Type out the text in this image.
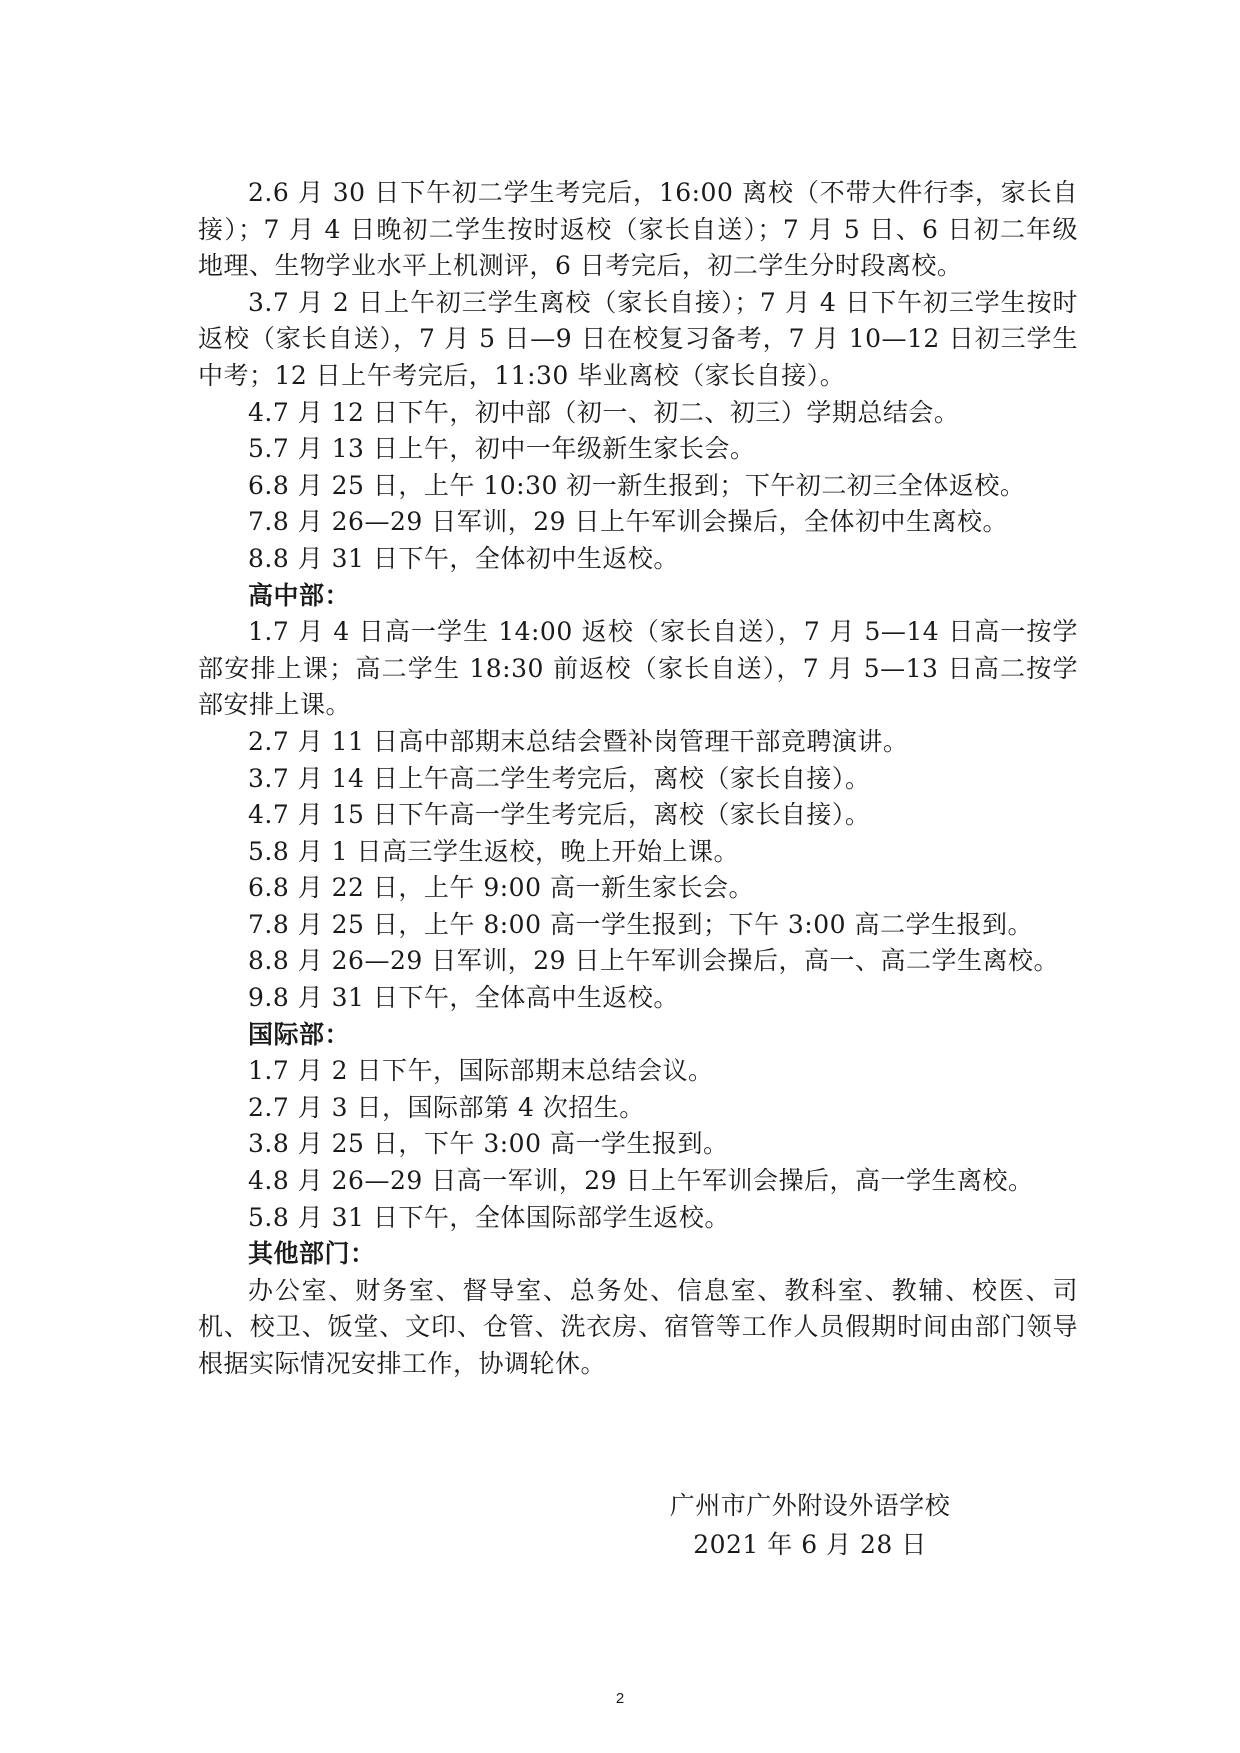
2.6 月 30 日下午初二学生考完后，16:00 离校（不带大件行李，家长自接）；7 月 4 日晚初二学生按时返校（家长自送）；7 月 5 日、6 日初二年级地理、生物学业水平上机测评，6 日考完后，初二学生分时段离校。

3.7 月 2 日上午初三学生离校（家长自接）；7 月 4 日下午初三学生按时返校（家长自送），7 月 5 日—9 日在校复习备考，7 月 10—12 日初三学生中考；12 日上午考完后，11:30 毕业离校（家长自接）。

4.7 月 12 日下午，初中部（初一、初二、初三）学期总结会。

5.7 月 13 日上午，初中一年级新生家长会。

6.8 月 25 日，上午 10:30 初一新生报到；下午初二初三全体返校。

7.8 月 26—29 日军训，29 日上午军训会操后，全体初中生离校。

8.8 月 31 日下午，全体初中生返校。

高中部：

1.7 月 4 日高一学生 14:00 返校（家长自送），7 月 5—14 日高一按学部安排上课；高二学生 18:30 前返校（家长自送），7 月 5—13 日高二按学部安排上课。

2.7 月 11 日高中部期末总结会暨补岗管理干部竞聘演讲。

3.7 月 14 日上午高二学生考完后，离校（家长自接）。

4.7 月 15 日下午高一学生考完后，离校（家长自接）。

5.8 月 1 日高三学生返校，晚上开始上课。

6.8 月 22 日，上午 9:00 高一新生家长会。

7.8 月 25 日，上午 8:00 高一学生报到；下午 3:00 高二学生报到。

8.8 月 26—29 日军训，29 日上午军训会操后，高一、高二学生离校。

9.8 月 31 日下午，全体高中生返校。

国际部：

1.7 月 2 日下午，国际部期末总结会议。

2.7 月 3 日，国际部第 4 次招生。

3.8 月 25 日，下午 3:00 高一学生报到。

4.8 月 26—29 日高一军训，29 日上午军训会操后，高一学生离校。

5.8 月 31 日下午，全体国际部学生返校。

其他部门：

办公室、财务室、督导室、总务处、信息室、教科室、教辅、校医、司机、校卫、饭堂、文印、仓管、洗衣房、宿管等工作人员假期时间由部门领导根据实际情况安排工作，协调轮休。

广州市广外附设外语学校
2021 年 6 月 28 日
2
